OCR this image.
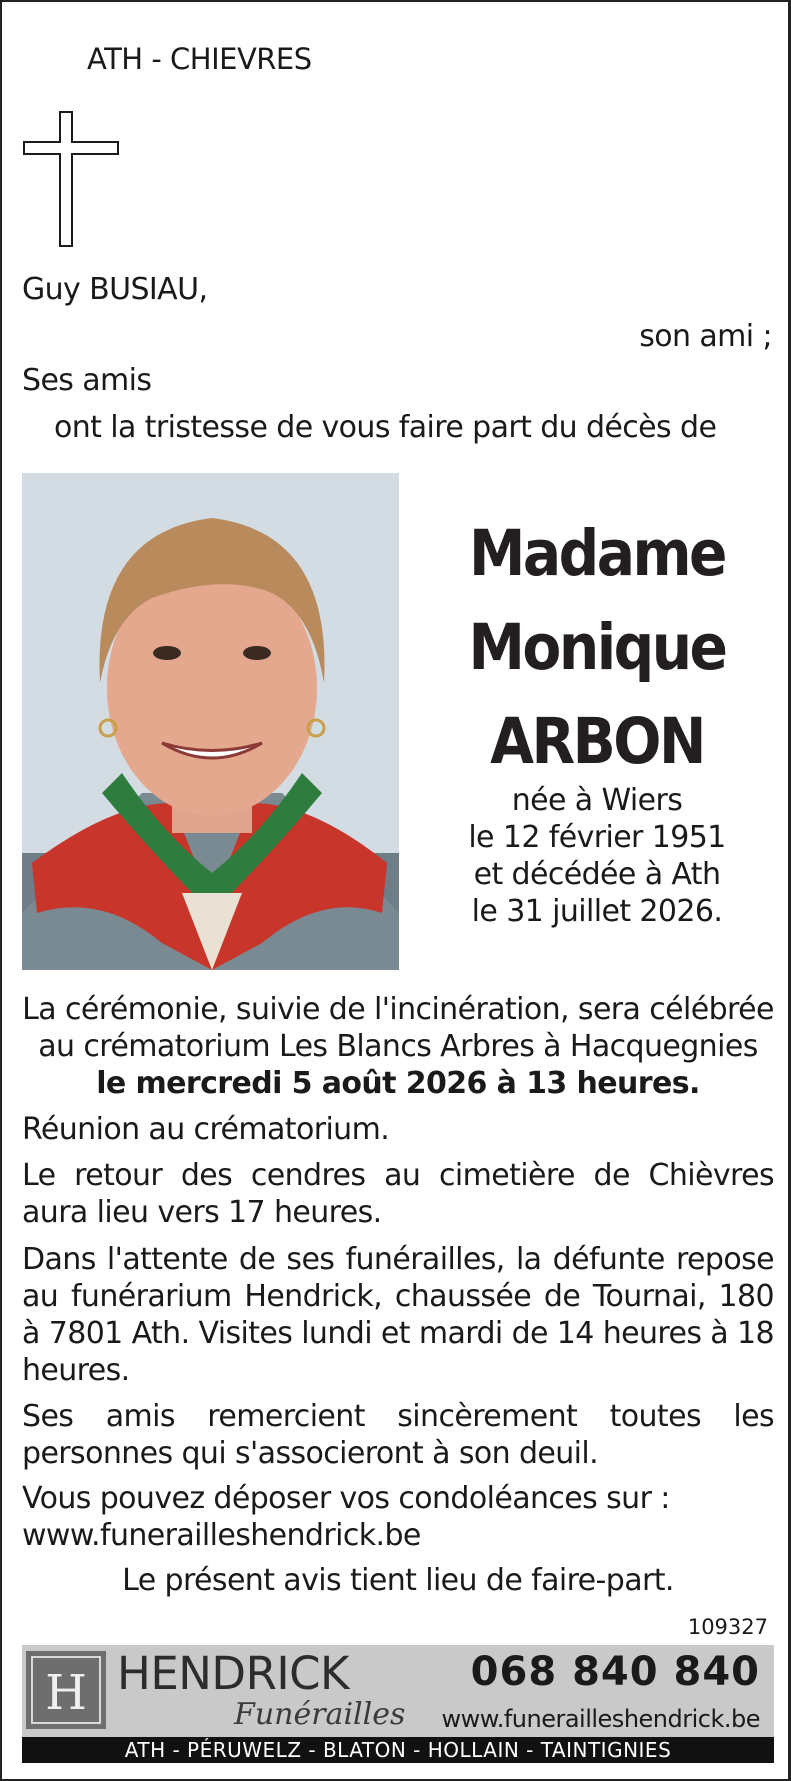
ATH - CHIEVRES
Guy BUSIAU,
son ami ;
Ses amis
ont la tristesse de vous faire part du décès de
Madame
Monique
ARBON
née à Wiers
le 12 février 1951
et décédée à Ath
le 31 juillet 2026.
La cérémonie, suivie de l'incinération, sera célébrée
au crématorium Les Blancs Arbres à Hacquegnies
le mercredi 5 août 2026 à 13 heures.
Réunion au crématorium.
Le retour des cendres au cimetière de Chièvres aura lieu vers 17 heures.
Dans l'attente de ses funérailles, la défunte repose au funérarium Hendrick, chaussée de Tournai, 180 à 7801 Ath. Visites lundi et mardi de 14 heures à 18 heures.
Ses amis remercient sincèrement toutes les personnes qui s'associeront à son deuil.
Vous pouvez déposer vos condoléances sur :
www.funerailleshendrick.be
Le présent avis tient lieu de faire-part.
109327
H HENDRICK
Funérailles
068 840 840
www.funerailleshendrick.be
ATH - PÉRUWELZ - BLATON - HOLLAIN - TAINTIGNIES
